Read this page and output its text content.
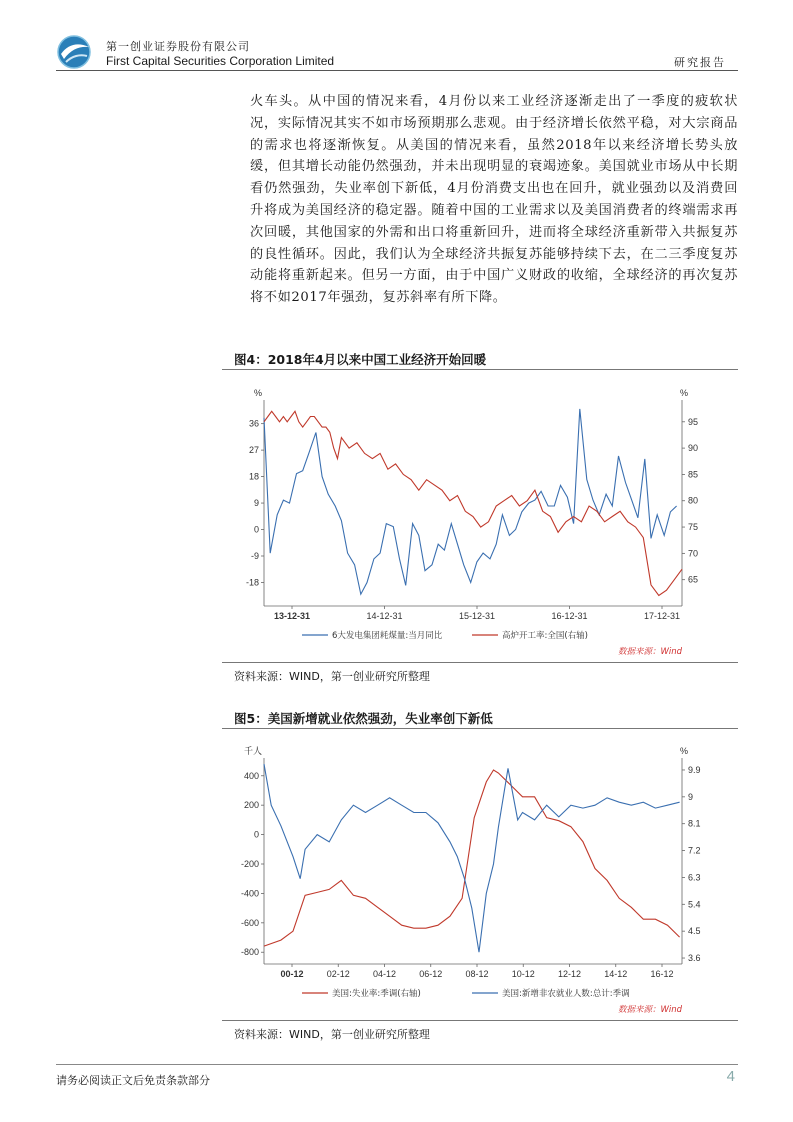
第一创业证券股份有限公司
First Capital Securities Corporation Limited	研究报告
火车头。从中国的情况来看，4月份以来工业经济逐渐走出了一季度的疲软状况，实际情况其实不如市场预期那么悲观。由于经济增长依然平稳，对大宗商品的需求也将逐渐恢复。从美国的情况来看，虽然2018年以来经济增长势头放缓，但其增长动能仍然强劲，并未出现明显的衰竭迹象。美国就业市场从中长期看仍然强劲，失业率创下新低，4月份消费支出也在回升，就业强劲以及消费回升将成为美国经济的稳定器。随着中国的工业需求以及美国消费者的终端需求再次回暖，其他国家的外需和出口将重新回升，进而将全球经济重新带入共振复苏的良性循环。因此，我们认为全球经济共振复苏能够持续下去，在二三季度复苏动能将重新起来。但另一方面，由于中国广义财政的收缩，全球经济的再次复苏将不如2017年强劲，复苏斜率有所下降。
图4：2018年4月以来中国工业经济开始回暖
%	%
-18
-9
0
9
18
27
36
65
70
75
80
85
90
95
13-12-31	14-12-31	15-12-31	16-12-31	17-12-31
6大发电集团耗煤量:当月同比	高炉开工率:全国(右轴)
数据来源：Wind
资料来源：WIND，第一创业研究所整理
图5：美国新增就业依然强劲，失业率创下新低
千人	%
-800
-600
-400
-200
0
200
400
3.6
4.5
5.4
6.3
7.2
8.1
9
9.9
00-12	02-12	04-12	06-12	08-12	10-12	12-12	14-12	16-12
美国:失业率:季调(右轴)	美国:新增非农就业人数:总计:季调
数据来源：Wind
资料来源：WIND，第一创业研究所整理
请务必阅读正文后免责条款部分	4
